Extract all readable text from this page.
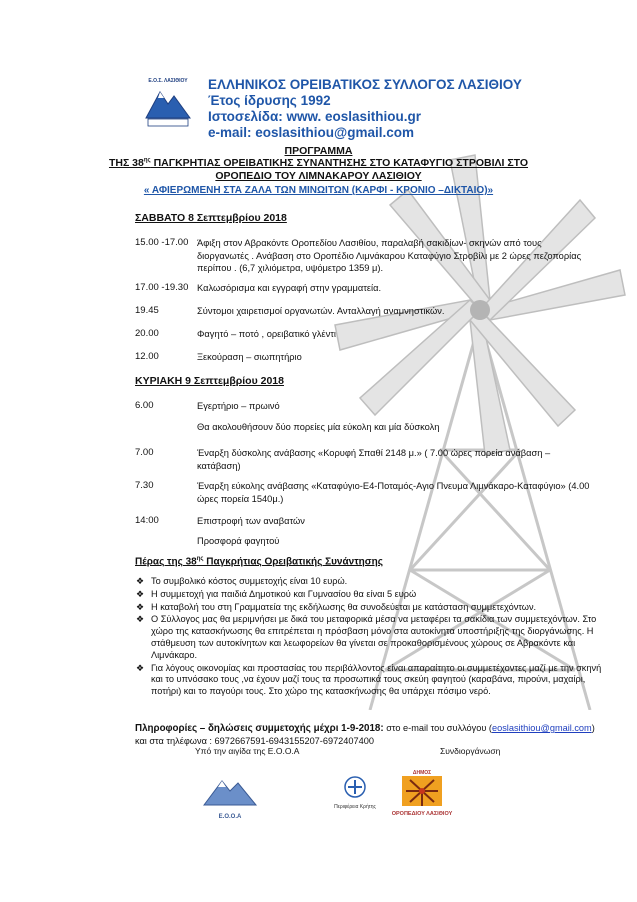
Ε.Ο.Σ. ΛΑΣΙΘΙΟΥ	ΕΛΛΗΝΙΚΟΣ ΟΡΕΙΒΑΤΙΚΟΣ ΣΥΛΛΟΓΟΣ ΛΑΣΙΘΙΟΥ
Έτος ίδρυσης 1992
Ιστοσελίδα: www. eoslasithiou.gr
e-mail: eoslasithiou@gmail.com
ΠΡΟΓΡΑΜΜΑ
ΤΗΣ $38^{\eta\varsigma}$ ΠΑΓΚΡΗΤΙΑΣ ΟΡΕΙΒΑΤΙΚΗΣ ΣΥΝΑΝΤΗΣΗΣ ΣΤΟ ΚΑΤΑΦΥΓΙΟ ΣΤΡΟΒΙΛΙ ΣΤΟ
ΟΡΟΠΕΔΙΟ ΤΟΥ ΛΙΜΝΑΚΑΡΟΥ ΛΑΣΙΘΙΟΥ
« ΑΦΙΕΡΩΜΕΝΗ ΣΤΑ ΖΑΛΑ ΤΩΝ ΜΙΝΩΙΤΩΝ (ΚΑΡΦΙ - ΚΡΟΝΙΟ –ΔΙΚΤΑΙΟ)»
ΣΑΒΒΑΤΟ 8 Σεπτεμβρίου 2018
15.00 -17.00 Άφιξη στον Αβρακόντε Οροπεδίου Λασιθίου, παραλαβή σακιδίων- σκηνών από τους διοργανωτές . Ανάβαση στο Οροπέδιο Λιμνάκαρου Καταφύγιο Στροβίλι με 2 ώρες πεζοπορίας περίπου . (6,7 χιλιόμετρα, υψόμετρο 1359 μ).
17.00 -19.30 Καλωσόρισμα και εγγραφή στην γραμματεία.
19.45	Σύντομοι χαιρετισμοί οργανωτών. Ανταλλαγή αναμνηστικών.
20.00	Φαγητό – ποτό , ορειβατικό γλέντι
12.00	Ξεκούραση – σιωπητήριο
ΚΥΡΙΑΚΗ 9 Σεπτεμβρίου 2018
6.00	Εγερτήριο – πρωινό
Θα ακολουθήσουν δύο πορείες μία εύκολη και μία δύσκολη
7.00	Έναρξη δύσκολης ανάβασης «Κορυφή Σπαθί 2148 μ.» ( 7.00 ώρες πορεία ανάβαση – κατάβαση)
7.30	Έναρξη εύκολης ανάβασης «Καταφύγιο-Ε4-Ποταμός-Αγιο Πνευμα Λιμνάκαρο-Καταφύγιο» (4.00 ώρες πορεία 1540μ.)
14:00	Επιστροφή των αναβατών
Προσφορά φαγητού
Πέρας της $38^{\eta\varsigma}$ Παγκρήτιας Ορειβατικής Συνάντησης
❖ Το συμβολικό κόστος συμμετοχής είναι 10 ευρώ.
❖ Η συμμετοχή για παιδιά Δημοτικού και Γυμνασίου θα είναι 5 ευρώ
❖ Η καταβολή του στη Γραμματεία της εκδήλωσης θα συνοδεύεται με κατάσταση συμμετεχόντων.
❖ Ο Σύλλογος μας θα μεριμνήσει με δικά του μεταφορικά μέσα να μεταφέρει τα σακίδια των συμμετεχόντων. Στο χώρο της κατασκήνωσης θα επιτρέπεται η πρόσβαση μόνο στα αυτοκίνητα υποστήριξης της διοργάνωσης. Η στάθμευση των αυτοκίνητων και λεωφορείων θα γίνεται σε προκαθορισμένους χώρους σε Αβρακόντε και Λιμνάκαρο.
❖ Για λόγους οικονομίας και προστασίας του περιβάλλοντος είναι απαραίτητο οι συμμετέχοντες μαζί με την σκηνή και το υπνόσακο τους ,να έχουν μαζί τους τα προσωπικά τους σκεύη φαγητού (καραβάνα, πιρούνι, μαχαίρι, ποτήρι) και το παγούρι τους. Στο χώρο της κατασκήνωσης θα υπάρχει πόσιμο νερό.
Πληροφορίες – δηλώσεις συμμετοχής μέχρι 1-9-2018: στο e-mail του συλλόγου (eoslasithiou@gmail.com) και στα τηλέφωνα : 6972667591-6943155207-6972407400
Υπό την αιγίδα της Ε.Ο.Ο.Α	Συνδιοργάνωση
Ε.Ο.Ο.Α
Περιφέρεια Κρήτης
ΔΗΜΟΣ
ΟΡΟΠΕΔΙΟΥ ΛΑΣΙΘΙΟΥ
